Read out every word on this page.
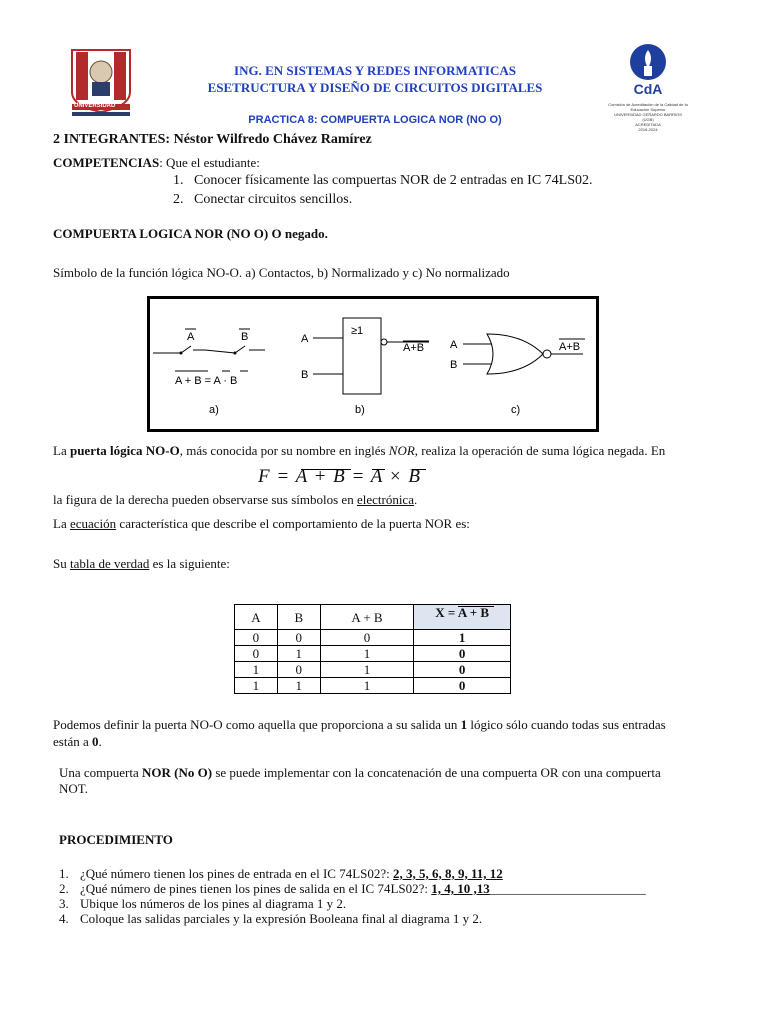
UNIVERSIDAD
CdA
Comisión de Acreditación de la Calidad de la Educación Superior
UNIVERSIDAD GERARDO BARRIOS (UGB)
ACREDITADA
2016-2024
ING. EN SISTEMAS Y REDES INFORMATICAS
ESETRUCTURA Y DISEÑO DE CIRCUITOS DIGITALES
PRACTICA 8: COMPUERTA LOGICA NOR (NO O)
2 INTEGRANTES: Néstor Wilfredo Chávez Ramírez
COMPETENCIAS: Que el estudiante:
1.   Conocer físicamente las compuertas NOR de 2 entradas en IC 74LS02.
2.   Conectar circuitos sencillos.
COMPUERTA LOGICA NOR (NO O) O negado.
Símbolo de la función lógica NO-O. a) Contactos, b) Normalizado y c) No normalizado
A	B
A + B = A · B
a)
A
B
≥1
A+B
b)
A
B
A+B
c)
La puerta lógica NO-O, más conocida por su nombre en inglés NOR, realiza la operación de suma lógica negada. En
F = A + B = A × B
la figura de la derecha pueden observarse sus símbolos en electrónica.
La ecuación característica que describe el comportamiento de la puerta NOR es:
Su tabla de verdad es la siguiente:
A	B	A + B	X = A + B

0	0	0	1
0	1	1	0
1	0	1	0
1	1	1	0
Podemos definir la puerta NO-O como aquella que proporciona a su salida un 1 lógico sólo cuando todas sus entradas
están a 0.
Una compuerta NOR (No O) se puede implementar con la concatenación de una compuerta OR con una compuerta
NOT.
PROCEDIMIENTO
1. ¿Qué número tienen los pines de entrada en el IC 74LS02?: 2, 3, 5, 6, 8, 9, 11, 12
2. ¿Qué número de pines tienen los pines de salida en el IC 74LS02?: 1, 4, 10 ,13________________________
3. Ubique los números de los pines al diagrama 1 y 2.
4. Coloque las salidas parciales y la expresión Booleana final al diagrama 1 y 2.
